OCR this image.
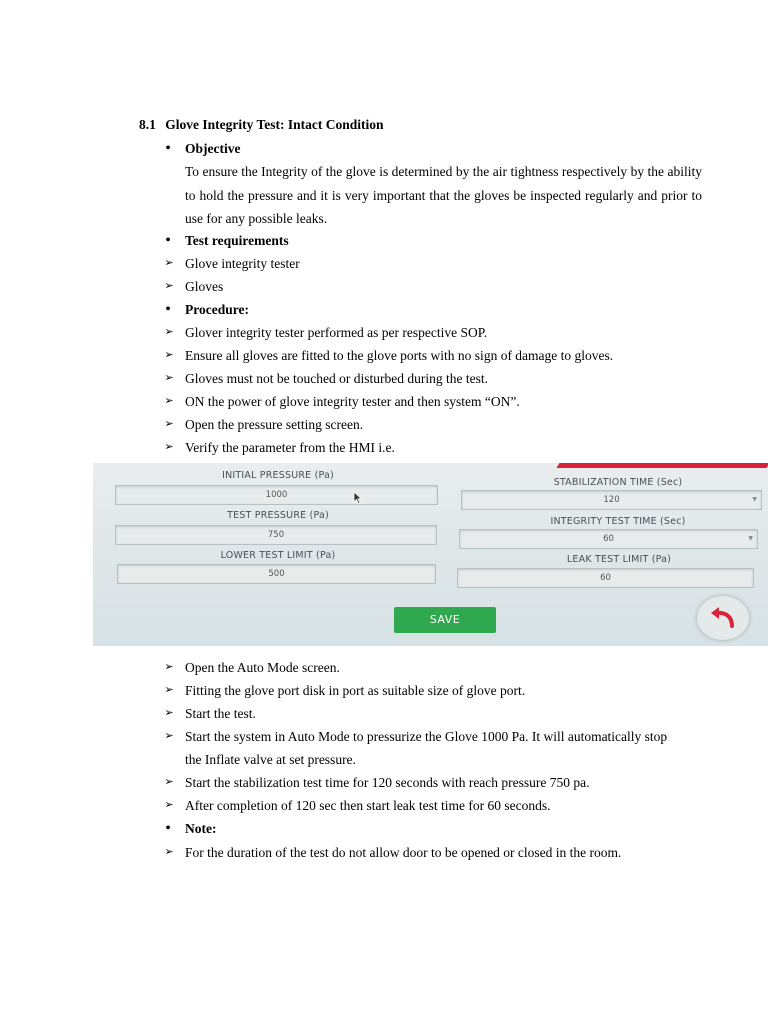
8.1 Glove Integrity Test: Intact Condition
•	Objective
To ensure the Integrity of the glove is determined by the air tightness respectively by the ability to hold the pressure and it is very important that the gloves be inspected regularly and prior to use for any possible leaks.
•	Test requirements
➢ Glove integrity tester
➢ Gloves
•	Procedure:
➢ Glover integrity tester performed as per respective SOP.
➢ Ensure all gloves are fitted to the glove ports with no sign of damage to gloves.
➢ Gloves must not be touched or disturbed during the test.
➢ ON the power of glove integrity tester and then system “ON”.
➢ Open the pressure setting screen.
➢ Verify the parameter from the HMI i.e.
INITIAL PRESSURE (Pa)
1000
TEST PRESSURE (Pa)
750
LOWER TEST LIMIT (Pa)
500
STABILIZATION TIME (Sec)
120	▼
INTEGRITY TEST TIME (Sec)
60	▼
LEAK TEST LIMIT (Pa)
60
SAVE
➢ Open the Auto Mode screen.
➢ Fitting the glove port disk in port as suitable size of glove port.
➢ Start the test.
➢ Start the system in Auto Mode to pressurize the Glove 1000 Pa. It will automatically stop
the Inflate valve at set pressure.
➢ Start the stabilization test time for 120 seconds with reach pressure 750 pa.
➢ After completion of 120 sec then start leak test time for 60 seconds.
•	Note:
➢ For the duration of the test do not allow door to be opened or closed in the room.
